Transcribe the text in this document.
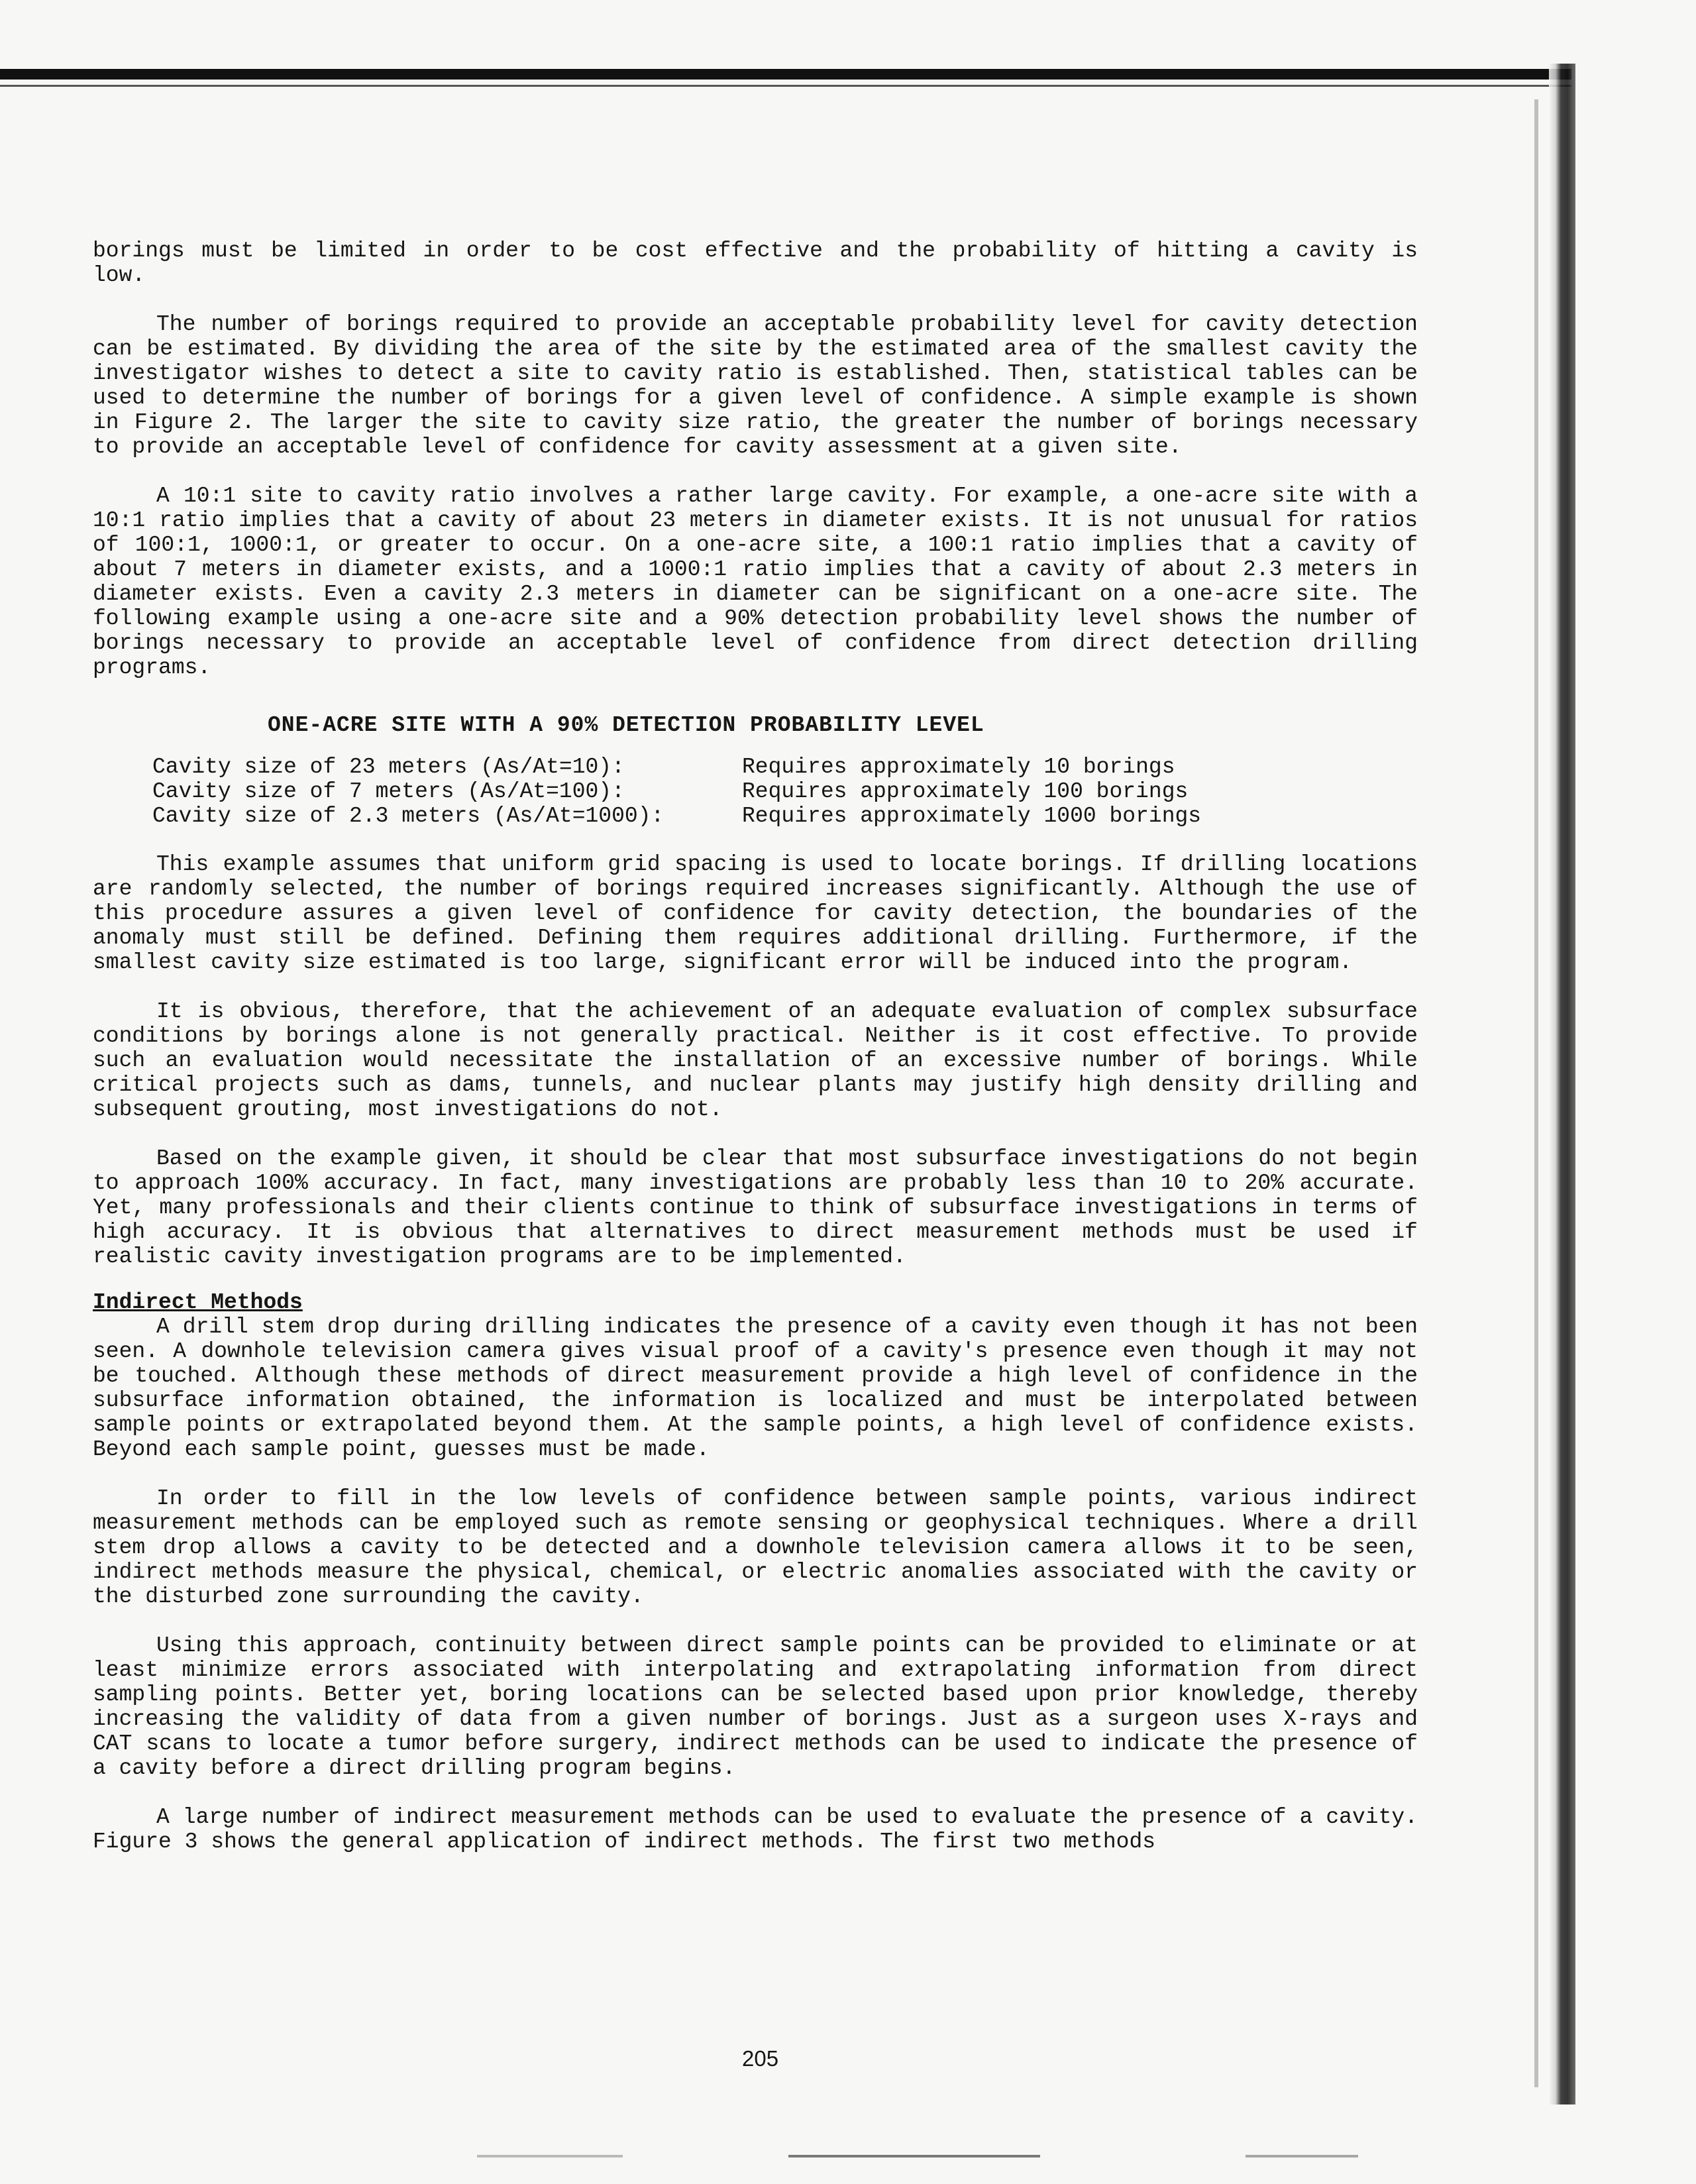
borings must be limited in order to be cost effective and the probability of hitting a cavity is low.

The number of borings required to provide an acceptable probability level for cavity detection can be estimated. By dividing the area of the site by the estimated area of the smallest cavity the investigator wishes to detect a site to cavity ratio is established. Then, statistical tables can be used to determine the number of borings for a given level of confidence. A simple example is shown in Figure 2. The larger the site to cavity size ratio, the greater the number of borings necessary to provide an acceptable level of confidence for cavity assessment at a given site.

A 10:1 site to cavity ratio involves a rather large cavity. For example, a one-acre site with a 10:1 ratio implies that a cavity of about 23 meters in diameter exists. It is not unusual for ratios of 100:1, 1000:1, or greater to occur. On a one-acre site, a 100:1 ratio implies that a cavity of about 7 meters in diameter exists, and a 1000:1 ratio implies that a cavity of about 2.3 meters in diameter exists. Even a cavity 2.3 meters in diameter can be significant on a one-acre site. The following example using a one-acre site and a 90% detection probability level shows the number of borings necessary to provide an acceptable level of confidence from direct detection drilling programs.

ONE-ACRE SITE WITH A 90% DETECTION PROBABILITY LEVEL
Cavity size of 23 meters (As/At=10):	Requires approximately 10 borings
Cavity size of 7 meters (As/At=100):	Requires approximately 100 borings
Cavity size of 2.3 meters (As/At=1000):	Requires approximately 1000 borings

This example assumes that uniform grid spacing is used to locate borings. If drilling locations are randomly selected, the number of borings required increases significantly. Although the use of this procedure assures a given level of confidence for cavity detection, the boundaries of the anomaly must still be defined. Defining them requires additional drilling. Furthermore, if the smallest cavity size estimated is too large, significant error will be induced into the program.

It is obvious, therefore, that the achievement of an adequate evaluation of complex subsurface conditions by borings alone is not generally practical. Neither is it cost effective. To provide such an evaluation would necessitate the installation of an excessive number of borings. While critical projects such as dams, tunnels, and nuclear plants may justify high density drilling and subsequent grouting, most investigations do not.

Based on the example given, it should be clear that most subsurface investigations do not begin to approach 100% accuracy. In fact, many investigations are probably less than 10 to 20% accurate. Yet, many professionals and their clients continue to think of subsurface investigations in terms of high accuracy. It is obvious that alternatives to direct measurement methods must be used if realistic cavity investigation programs are to be implemented.

Indirect Methods

A drill stem drop during drilling indicates the presence of a cavity even though it has not been seen. A downhole television camera gives visual proof of a cavity's presence even though it may not be touched. Although these methods of direct measurement provide a high level of confidence in the subsurface information obtained, the information is localized and must be interpolated between sample points or extrapolated beyond them. At the sample points, a high level of confidence exists. Beyond each sample point, guesses must be made.

In order to fill in the low levels of confidence between sample points, various indirect measurement methods can be employed such as remote sensing or geophysical techniques. Where a drill stem drop allows a cavity to be detected and a downhole television camera allows it to be seen, indirect methods measure the physical, chemical, or electric anomalies associated with the cavity or the disturbed zone surrounding the cavity.

Using this approach, continuity between direct sample points can be provided to eliminate or at least minimize errors associated with interpolating and extrapolating information from direct sampling points. Better yet, boring locations can be selected based upon prior knowledge, thereby increasing the validity of data from a given number of borings. Just as a surgeon uses X-rays and CAT scans to locate a tumor before surgery, indirect methods can be used to indicate the presence of a cavity before a direct drilling program begins.

A large number of indirect measurement methods can be used to evaluate the presence of a cavity. Figure 3 shows the general application of indirect methods. The first two methods

205
